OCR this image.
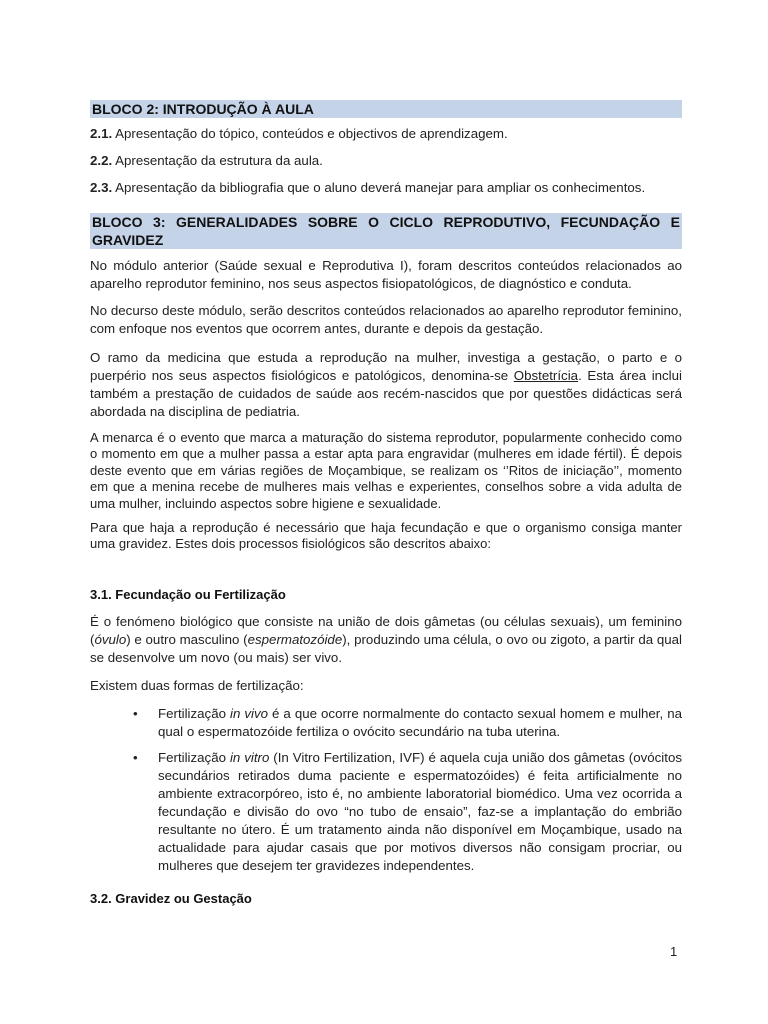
BLOCO 2: INTRODUÇÃO À AULA
2.1. Apresentação do tópico, conteúdos e objectivos de aprendizagem.
2.2. Apresentação da estrutura da aula.
2.3. Apresentação da bibliografia que o aluno deverá manejar para ampliar os conhecimentos.
BLOCO 3: GENERALIDADES SOBRE O CICLO REPRODUTIVO, FECUNDAÇÃO E GRAVIDEZ
No módulo anterior (Saúde sexual e Reprodutiva I), foram descritos conteúdos relacionados ao aparelho reprodutor feminino, nos seus aspectos fisiopatológicos, de diagnóstico e conduta.
No decurso deste módulo, serão descritos conteúdos relacionados ao aparelho reprodutor feminino, com enfoque nos eventos que ocorrem antes, durante e depois da gestação.
O ramo da medicina que estuda a reprodução na mulher, investiga a gestação, o parto e o puerpério nos seus aspectos fisiológicos e patológicos, denomina-se Obstetrícia. Esta área inclui também a prestação de cuidados de saúde aos recém-nascidos que por questões didácticas será abordada na disciplina de pediatria.
A menarca é o evento que marca a maturação do sistema reprodutor, popularmente conhecido como o momento em que a mulher passa a estar apta para engravidar (mulheres em idade fértil). É depois deste evento que em várias regiões de Moçambique, se realizam os ‘’Ritos de iniciação’’, momento em que a menina recebe de mulheres mais velhas e experientes, conselhos sobre a vida adulta de uma mulher, incluindo aspectos sobre higiene e sexualidade.
Para que haja a reprodução é necessário que haja fecundação e que o organismo consiga manter uma gravidez. Estes dois processos fisiológicos são descritos abaixo:
3.1. Fecundação ou Fertilização
É o fenómeno biológico que consiste na união de dois gâmetas (ou células sexuais), um feminino (óvulo) e outro masculino (espermatozóide), produzindo uma célula, o ovo ou zigoto, a partir da qual se desenvolve um novo (ou mais) ser vivo.
Existem duas formas de fertilização:
• Fertilização in vivo é a que ocorre normalmente do contacto sexual homem e mulher, na qual o espermatozóide fertiliza o ovócito secundário na tuba uterina.
• Fertilização in vitro (In Vitro Fertilization, IVF) é aquela cuja união dos gâmetas (ovócitos secundários retirados duma paciente e espermatozóides) é feita artificialmente no ambiente extracorpóreo, isto é, no ambiente laboratorial biomédico. Uma vez ocorrida a fecundação e divisão do ovo “no tubo de ensaio”, faz-se a implantação do embrião resultante no útero. É um tratamento ainda não disponível em Moçambique, usado na actualidade para ajudar casais que por motivos diversos não consigam procriar, ou mulheres que desejem ter gravidezes independentes.
3.2. Gravidez ou Gestação
1
